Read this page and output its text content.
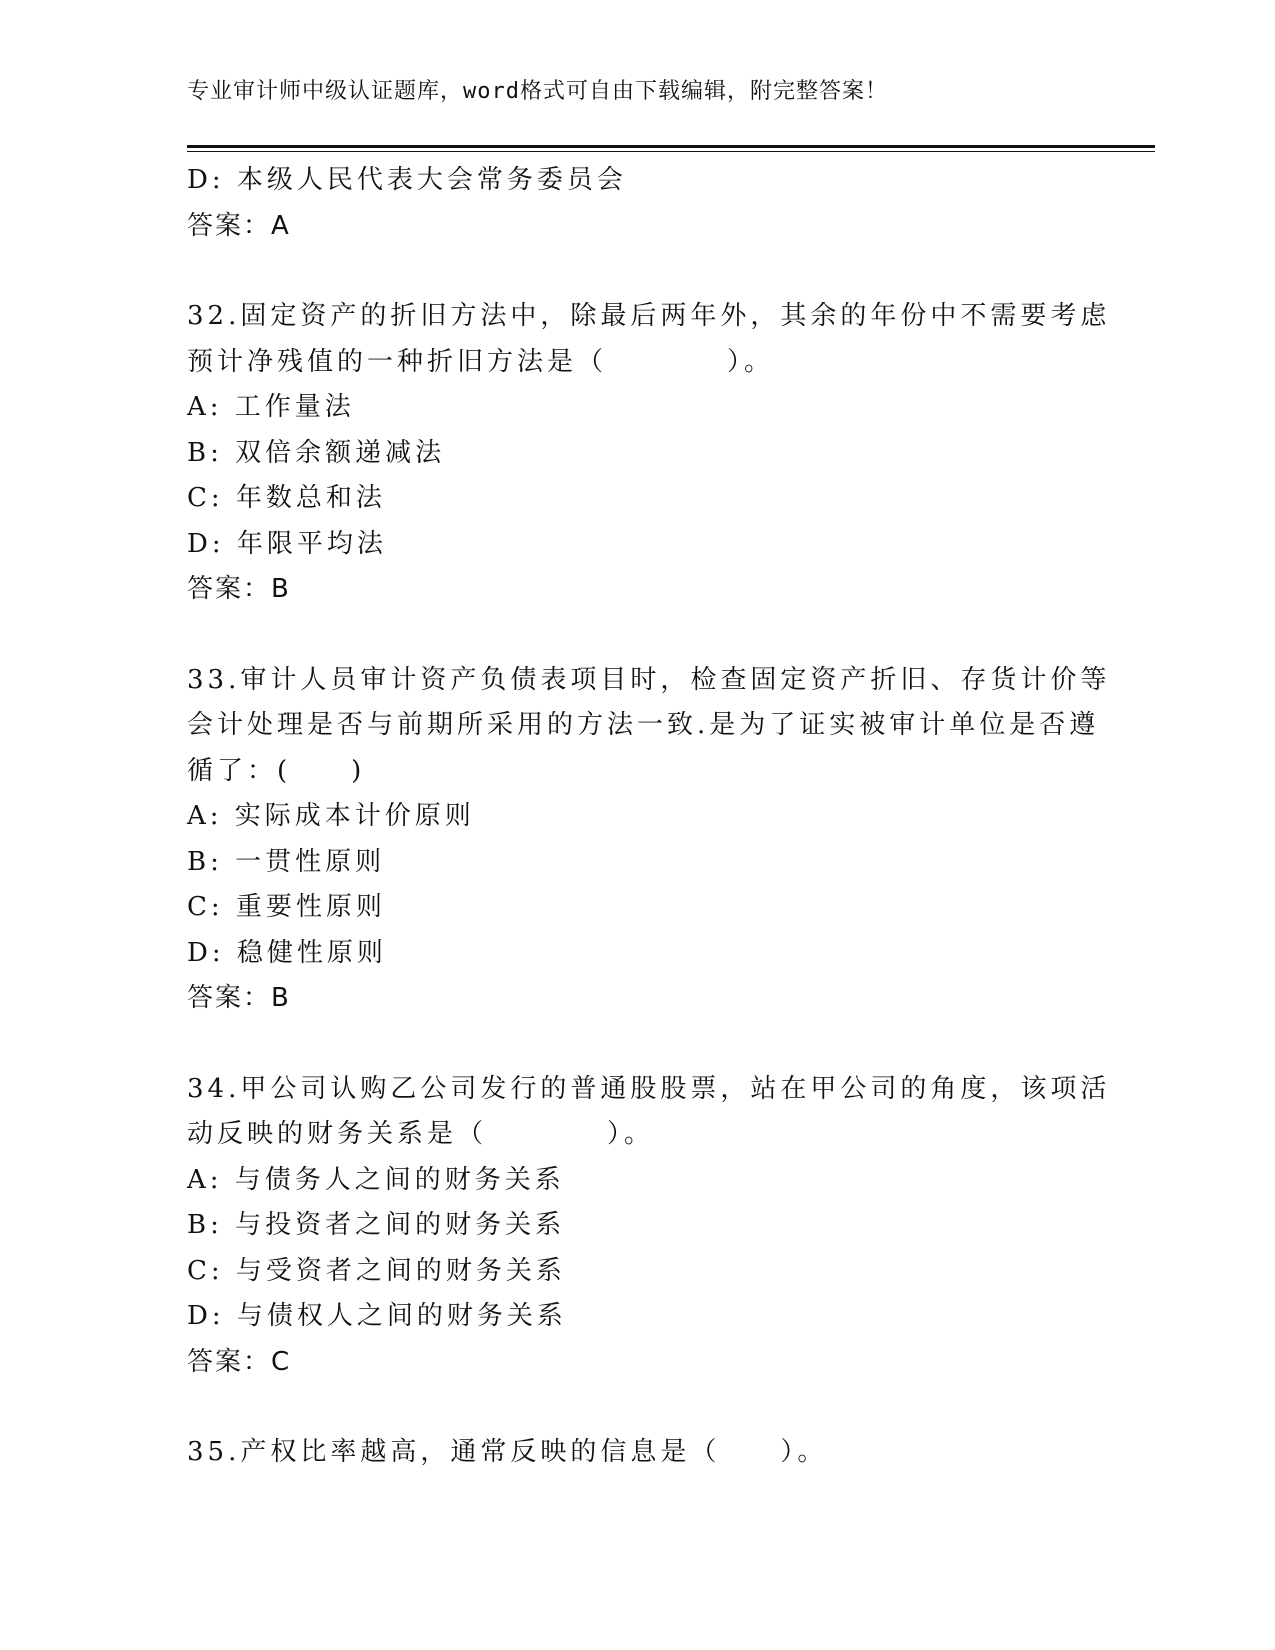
专业审计师中级认证题库，word格式可自由下载编辑，附完整答案！
D: 本级人民代表大会常务委员会
答案：A
32.固定资产的折旧方法中，除最后两年外，其余的年份中不需要考虑
预计净残值的一种折旧方法是（　　　　）。
A: 工作量法
B: 双倍余额递减法
C: 年数总和法
D: 年限平均法
答案：B
33.审计人员审计资产负债表项目时，检查固定资产折旧、存货计价等
会计处理是否与前期所采用的方法一致.是为了证实被审计单位是否遵
循了：(　　)
A: 实际成本计价原则
B: 一贯性原则
C: 重要性原则
D: 稳健性原则
答案：B
34.甲公司认购乙公司发行的普通股股票，站在甲公司的角度，该项活
动反映的财务关系是（　　　　）。
A: 与债务人之间的财务关系
B: 与投资者之间的财务关系
C: 与受资者之间的财务关系
D: 与债权人之间的财务关系
答案：C
35.产权比率越高，通常反映的信息是（　　）。
